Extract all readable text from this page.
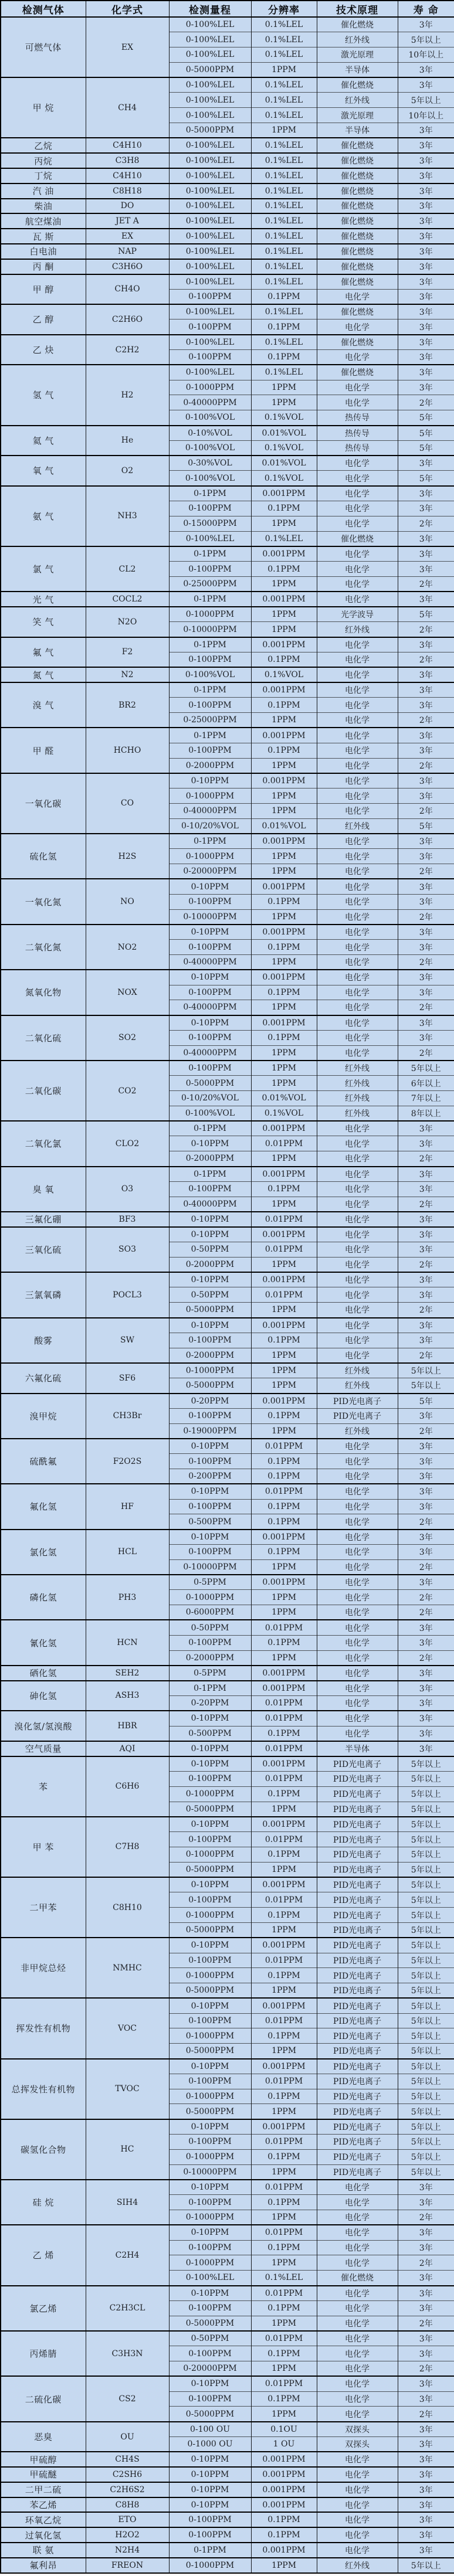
检测气体	化学式	检测量程	分辨率	技术原理	寿 命
可燃气体	EX	0-100%LEL	0.1%LEL	催化燃烧	3年
		0-100%LEL	0.1%LEL	红外线	5年以上
		0-100%LEL	0.1%LEL	激光原理	10年以上
		0-5000PPM	1PPM	半导体	3年
甲 烷	CH4	0-100%LEL	0.1%LEL	催化燃烧	3年
		0-100%LEL	0.1%LEL	红外线	5年以上
		0-100%LEL	0.1%LEL	激光原理	10年以上
		0-5000PPM	1PPM	半导体	3年
乙烷	C4H10	0-100%LEL	0.1%LEL	催化燃烧	3年
丙烷	C3H8	0-100%LEL	0.1%LEL	催化燃烧	3年
丁烷	C4H10	0-100%LEL	0.1%LEL	催化燃烧	3年
汽 油	C8H18	0-100%LEL	0.1%LEL	催化燃烧	3年
柴油	DO	0-100%LEL	0.1%LEL	催化燃烧	3年
航空煤油	JET A	0-100%LEL	0.1%LEL	催化燃烧	3年
瓦 斯	EX	0-100%LEL	0.1%LEL	催化燃烧	3年
白电油	NAP	0-100%LEL	0.1%LEL	催化燃烧	3年
丙 酮	C3H6O	0-100%LEL	0.1%LEL	催化燃烧	3年
甲 醇	CH4O	0-100%LEL	0.1%LEL	催化燃烧	3年
		0-100PPM	0.1PPM	电化学	3年
乙 醇	C2H6O	0-100%LEL	0.1%LEL	催化燃烧	3年
		0-100PPM	0.1PPM	电化学	3年
乙 炔	C2H2	0-100%LEL	0.1%LEL	催化燃烧	3年
		0-100PPM	0.1PPM	电化学	3年
氢 气	H2	0-100%LEL	0.1%LEL	催化燃烧	3年
		0-1000PPM	1PPM	电化学	3年
		0-40000PPM	1PPM	电化学	2年
		0-100%VOL	0.1%VOL	热传导	5年
氦 气	He	0-10%VOL	0.01%VOL	热传导	5年
		0-100%VOL	0.1%VOL	热传导	5年
氧 气	O2	0-30%VOL	0.01%VOL	电化学	3年
		0-100%VOL	0.1%VOL	电化学	5年
氨 气	NH3	0-1PPM	0.001PPM	电化学	3年
		0-100PPM	0.1PPM	电化学	3年
		0-15000PPM	1PPM	电化学	2年
		0-100%LEL	0.1%LEL	催化燃烧	3年
氯 气	CL2	0-1PPM	0.001PPM	电化学	3年
		0-100PPM	0.1PPM	电化学	3年
		0-25000PPM	1PPM	电化学	2年
光 气	COCL2	0-1PPM	0.001PPM	电化学	3年
笑 气	N2O	0-1000PPM	1PPM	光学波导	5年
		0-10000PPM	1PPM	红外线	2年
氟 气	F2	0-1PPM	0.001PPM	电化学	3年
		0-100PPM	0.1PPM	电化学	2年
氮 气	N2	0-100%VOL	0.1%VOL	电化学	3年
溴 气	BR2	0-1PPM	0.001PPM	电化学	3年
		0-100PPM	0.1PPM	电化学	3年
		0-25000PPM	1PPM	电化学	2年
甲 醛	HCHO	0-1PPM	0.001PPM	电化学	3年
		0-100PPM	0.1PPM	电化学	3年
		0-2000PPM	1PPM	电化学	2年
一氧化碳	CO	0-10PPM	0.001PPM	电化学	3年
		0-1000PPM	1PPM	电化学	3年
		0-40000PPM	1PPM	电化学	2年
		0-10/20%VOL	0.01%VOL	红外线	5年
硫化氢	H2S	0-1PPM	0.001PPM	电化学	3年
		0-1000PPM	1PPM	电化学	3年
		0-20000PPM	1PPM	电化学	2年
一氧化氮	NO	0-10PPM	0.001PPM	电化学	3年
		0-100PPM	0.1PPM	电化学	3年
		0-10000PPM	1PPM	电化学	2年
二氧化氮	NO2	0-10PPM	0.001PPM	电化学	3年
		0-100PPM	0.1PPM	电化学	3年
		0-40000PPM	1PPM	电化学	2年
氮氧化物	NOX	0-10PPM	0.001PPM	电化学	3年
		0-100PPM	0.1PPM	电化学	3年
		0-40000PPM	1PPM	电化学	2年
二氧化硫	SO2	0-10PPM	0.001PPM	电化学	3年
		0-100PPM	0.1PPM	电化学	3年
		0-40000PPM	1PPM	电化学	2年
二氧化碳	CO2	0-100PPM	1PPM	红外线	5年以上
		0-5000PPM	1PPM	红外线	6年以上
		0-10/20%VOL	0.01%VOL	红外线	7年以上
		0-100%VOL	0.1%VOL	红外线	8年以上
二氧化氯	CLO2	0-1PPM	0.001PPM	电化学	3年
		0-10PPM	0.01PPM	电化学	3年
		0-2000PPM	1PPM	电化学	2年
臭 氧	O3	0-1PPM	0.001PPM	电化学	3年
		0-100PPM	0.1PPM	电化学	3年
		0-40000PPM	1PPM	电化学	2年
三氟化硼	BF3	0-10PPM	0.01PPM	电化学	3年
三氧化硫	SO3	0-10PPM	0.001PPM	电化学	3年
		0-50PPM	0.01PPM	电化学	3年
		0-2000PPM	1PPM	电化学	2年
三氯氧磷	POCL3	0-10PPM	0.001PPM	电化学	3年
		0-50PPM	0.01PPM	电化学	3年
		0-5000PPM	1PPM	电化学	2年
酸雾	SW	0-10PPM	0.001PPM	电化学	3年
		0-100PPM	0.1PPM	电化学	3年
		0-2000PPM	1PPM	电化学	2年
六氟化硫	SF6	0-1000PPM	1PPM	红外线	5年以上
		0-5000PPM	1PPM	红外线	5年以上
溴甲烷	CH3Br	0-20PPM	0.001PPM	PID光电离子	5年
		0-100PPM	0.1PPM	PID光电离子	3年
		0-19000PPM	1PPM	红外线	2年
硫酰氟	F2O2S	0-10PPM	0.01PPM	电化学	3年
		0-100PPM	0.1PPM	电化学	3年
		0-200PPM	0.1PPM	电化学	3年
氟化氢	HF	0-10PPM	0.01PPM	电化学	3年
		0-100PPM	0.1PPM	电化学	3年
		0-500PPM	0.1PPM	电化学	2年
氯化氢	HCL	0-10PPM	0.001PPM	电化学	3年
		0-100PPM	0.1PPM	电化学	3年
		0-10000PPM	1PPM	电化学	2年
磷化氢	PH3	0-5PPM	0.001PPM	电化学	3年
		0-1000PPM	1PPM	电化学	2年
		0-6000PPM	1PPM	电化学	2年
氰化氢	HCN	0-50PPM	0.01PPM	电化学	3年
		0-100PPM	0.1PPM	电化学	3年
		0-2000PPM	1PPM	电化学	2年
硒化氢	SEH2	0-5PPM	0.001PPM	电化学	3年
砷化氢	ASH3	0-1PPM	0.001PPM	电化学	3年
		0-20PPM	0.01PPM	电化学	3年
溴化氢/氢溴酸	HBR	0-10PPM	0.01PPM	电化学	3年
		0-500PPM	0.1PPM	电化学	3年
空气质量	AQI	0-10PPM	0.01PPM	半导体	3年
苯	C6H6	0-10PPM	0.001PPM	PID光电离子	5年以上
		0-100PPM	0.01PPM	PID光电离子	5年以上
		0-1000PPM	0.1PPM	PID光电离子	5年以上
		0-5000PPM	1PPM	PID光电离子	5年以上
甲 苯	C7H8	0-10PPM	0.001PPM	PID光电离子	5年以上
		0-100PPM	0.01PPM	PID光电离子	5年以上
		0-1000PPM	0.1PPM	PID光电离子	5年以上
		0-5000PPM	1PPM	PID光电离子	5年以上
二甲苯	C8H10	0-10PPM	0.001PPM	PID光电离子	5年以上
		0-100PPM	0.01PPM	PID光电离子	5年以上
		0-1000PPM	0.1PPM	PID光电离子	5年以上
		0-5000PPM	1PPM	PID光电离子	5年以上
非甲烷总烃	NMHC	0-10PPM	0.001PPM	PID光电离子	5年以上
		0-100PPM	0.01PPM	PID光电离子	5年以上
		0-1000PPM	0.1PPM	PID光电离子	5年以上
		0-5000PPM	1PPM	PID光电离子	5年以上
挥发性有机物	VOC	0-10PPM	0.001PPM	PID光电离子	5年以上
		0-100PPM	0.01PPM	PID光电离子	5年以上
		0-1000PPM	0.1PPM	PID光电离子	5年以上
		0-5000PPM	1PPM	PID光电离子	5年以上
总挥发性有机物	TVOC	0-10PPM	0.001PPM	PID光电离子	5年以上
		0-100PPM	0.01PPM	PID光电离子	5年以上
		0-1000PPM	0.1PPM	PID光电离子	5年以上
		0-5000PPM	1PPM	PID光电离子	5年以上
碳氢化合物	HC	0-10PPM	0.001PPM	PID光电离子	5年以上
		0-100PPM	0.01PPM	PID光电离子	5年以上
		0-1000PPM	0.1PPM	PID光电离子	5年以上
		0-10000PPM	1PPM	PID光电离子	5年以上
硅 烷	SIH4	0-10PPM	0.01PPM	电化学	3年
		0-100PPM	0.1PPM	电化学	3年
		0-1000PPM	1PPM	电化学	2年
乙 烯	C2H4	0-10PPM	0.01PPM	电化学	3年
		0-100PPM	0.1PPM	电化学	3年
		0-1000PPM	1PPM	电化学	2年
		0-100%LEL	0.1%LEL	催化燃烧	3年
氯乙烯	C2H3CL	0-10PPM	0.01PPM	电化学	3年
		0-100PPM	0.1PPM	电化学	3年
		0-5000PPM	1PPM	电化学	2年
丙烯腈	C3H3N	0-50PPM	0.01PPM	电化学	3年
		0-100PPM	0.1PPM	电化学	3年
		0-20000PPM	1PPM	电化学	2年
二硫化碳	CS2	0-10PPM	0.01PPM	电化学	3年
		0-100PPM	0.1PPM	电化学	3年
		0-5000PPM	1PPM	电化学	2年
恶臭	OU	0-100 OU	0.1OU	双探头	3年
		0-1000 OU	1 OU	双探头	3年
甲硫醇	CH4S	0-10PPM	0.001PPM	电化学	3年
甲硫醚	C2SH6	0-10PPM	0.001PPM	电化学	3年
二甲二硫	C2H6S2	0-10PPM	0.001PPM	电化学	3年
苯乙烯	C8H8	0-10PPM	0.001PPM	电化学	3年
环氧乙烷	ETO	0-100PPM	0.1PPM	电化学	3年
过氧化氢	H2O2	0-100PPM	0.1PPM	电化学	3年
联 氨	N2H4	0-1PPM	0.001PPM	电化学	3年
氟利昂	FREON	0-1000PPM	1PPM	红外线	5年以上
